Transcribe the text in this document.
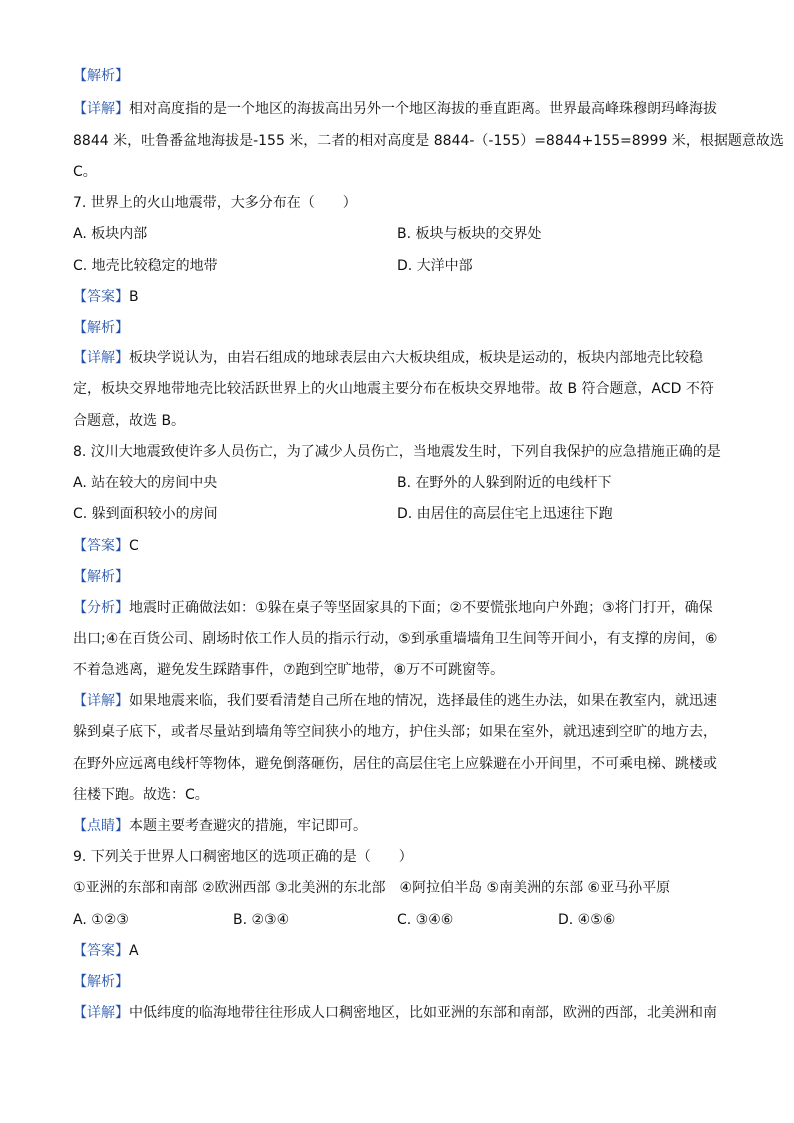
【解析】
【详解】相对高度指的是一个地区的海拔高出另外一个地区海拔的垂直距离。世界最高峰珠穆朗玛峰海拔
8844 米，吐鲁番盆地海拔是-155 米，二者的相对高度是 8844-（-155）=8844+155=8999 米，根据题意故选
C。
7. 世界上的火山地震带，大多分布在（　　）
A. 板块内部	B. 板块与板块的交界处
C. 地壳比较稳定的地带	D. 大洋中部
【答案】B
【解析】
【详解】板块学说认为，由岩石组成的地球表层由六大板块组成，板块是运动的，板块内部地壳比较稳
定，板块交界地带地壳比较活跃世界上的火山地震主要分布在板块交界地带。故 B 符合题意，ACD 不符
合题意，故选 B。
8. 汶川大地震致使许多人员伤亡，为了减少人员伤亡，当地震发生时，下列自我保护的应急措施正确的是
A. 站在较大的房间中央	B. 在野外的人躲到附近的电线杆下
C. 躲到面积较小的房间	D. 由居住的高层住宅上迅速往下跑
【答案】C
【解析】
【分析】地震时正确做法如：①躲在桌子等坚固家具的下面；②不要慌张地向户外跑；③将门打开，确保
出口;④在百货公司、剧场时依工作人员的指示行动，⑤到承重墙墙角卫生间等开间小，有支撑的房间，⑥
不着急逃离，避免发生踩踏事件，⑦跑到空旷地带，⑧万不可跳窗等。
【详解】如果地震来临，我们要看清楚自己所在地的情况，选择最佳的逃生办法，如果在教室内，就迅速
躲到桌子底下，或者尽量站到墙角等空间狭小的地方，护住头部；如果在室外，就迅速到空旷的地方去，
在野外应远离电线杆等物体，避免倒落砸伤，居住的高层住宅上应躲避在小开间里，不可乘电梯、跳楼或
往楼下跑。故选：C。
【点睛】本题主要考查避灾的措施，牢记即可。
9. 下列关于世界人口稠密地区的选项正确的是（　　）
①亚洲的东部和南部 ②欧洲西部 ③北美洲的东北部　④阿拉伯半岛 ⑤南美洲的东部 ⑥亚马孙平原
A. ①②③	B. ②③④	C. ③④⑥	D. ④⑤⑥
【答案】A
【解析】
【详解】中低纬度的临海地带往往形成人口稠密地区，比如亚洲的东部和南部，欧洲的西部，北美洲和南
